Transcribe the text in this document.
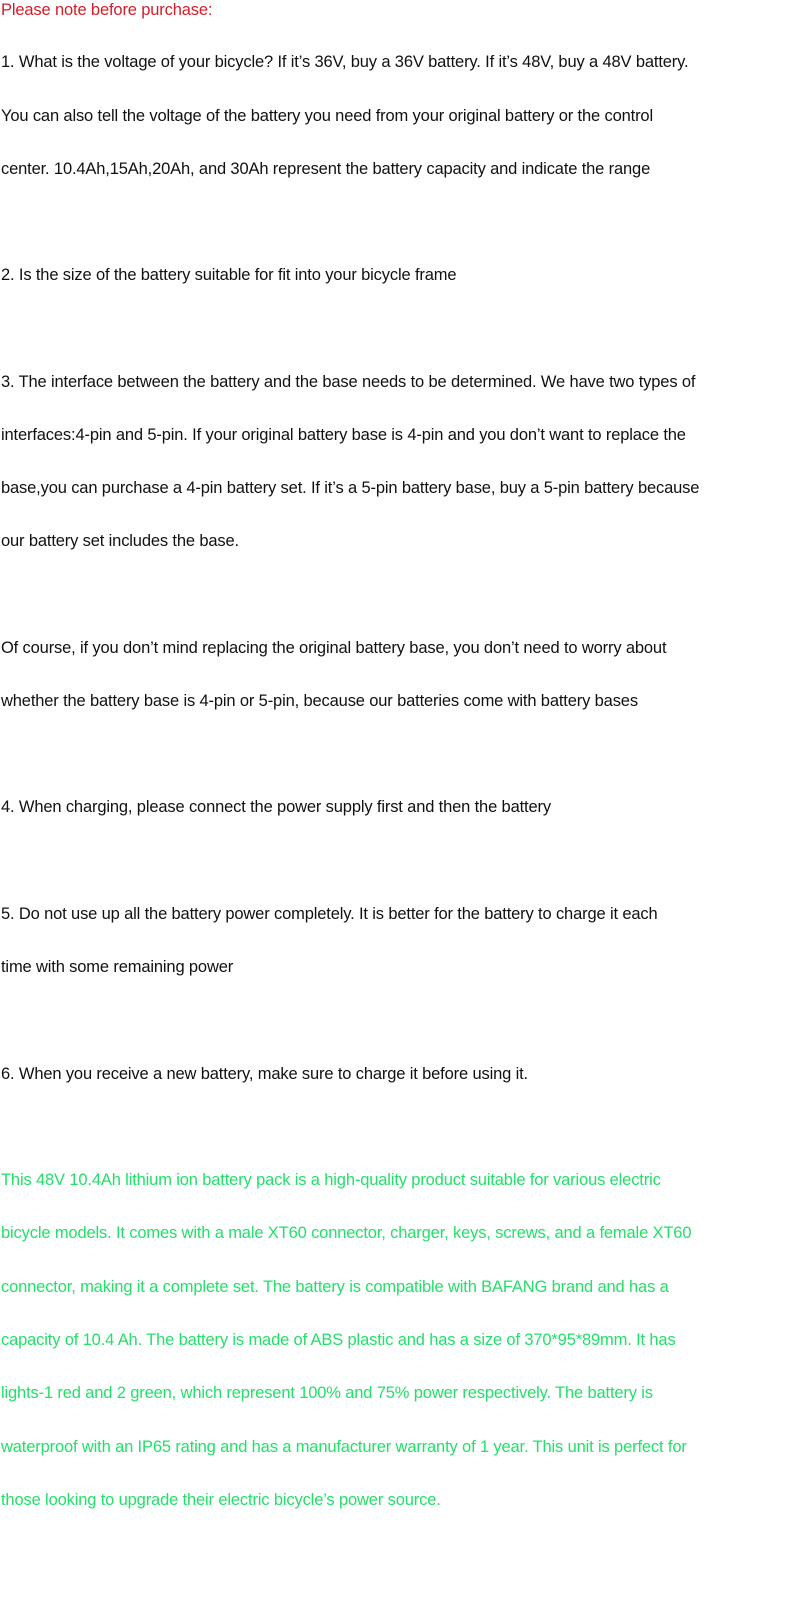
Please note before purchase:
1. What is the voltage of your bicycle? If it’s 36V, buy a 36V battery. If it’s 48V, buy a 48V battery.
You can also tell the voltage of the battery you need from your original battery or the control
center. 10.4Ah,15Ah,20Ah, and 30Ah represent the battery capacity and indicate the range
2. Is the size of the battery suitable for fit into your bicycle frame
3. The interface between the battery and the base needs to be determined. We have two types of
interfaces:4-pin and 5-pin. If your original battery base is 4-pin and you don’t want to replace the
base,you can purchase a 4-pin battery set. If it’s a 5-pin battery base, buy a 5-pin battery because
our battery set includes the base.
Of course, if you don’t mind replacing the original battery base, you don’t need to worry about
whether the battery base is 4-pin or 5-pin, because our batteries come with battery bases
4. When charging, please connect the power supply first and then the battery
5. Do not use up all the battery power completely. It is better for the battery to charge it each
time with some remaining power
6. When you receive a new battery, make sure to charge it before using it.
This 48V 10.4Ah lithium ion battery pack is a high-quality product suitable for various electric
bicycle models. It comes with a male XT60 connector, charger, keys, screws, and a female XT60
connector, making it a complete set. The battery is compatible with BAFANG brand and has a
capacity of 10.4 Ah. The battery is made of ABS plastic and has a size of 370*95*89mm. It has
lights-1 red and 2 green, which represent 100% and 75% power respectively. The battery is
waterproof with an IP65 rating and has a manufacturer warranty of 1 year. This unit is perfect for
those looking to upgrade their electric bicycle’s power source.
